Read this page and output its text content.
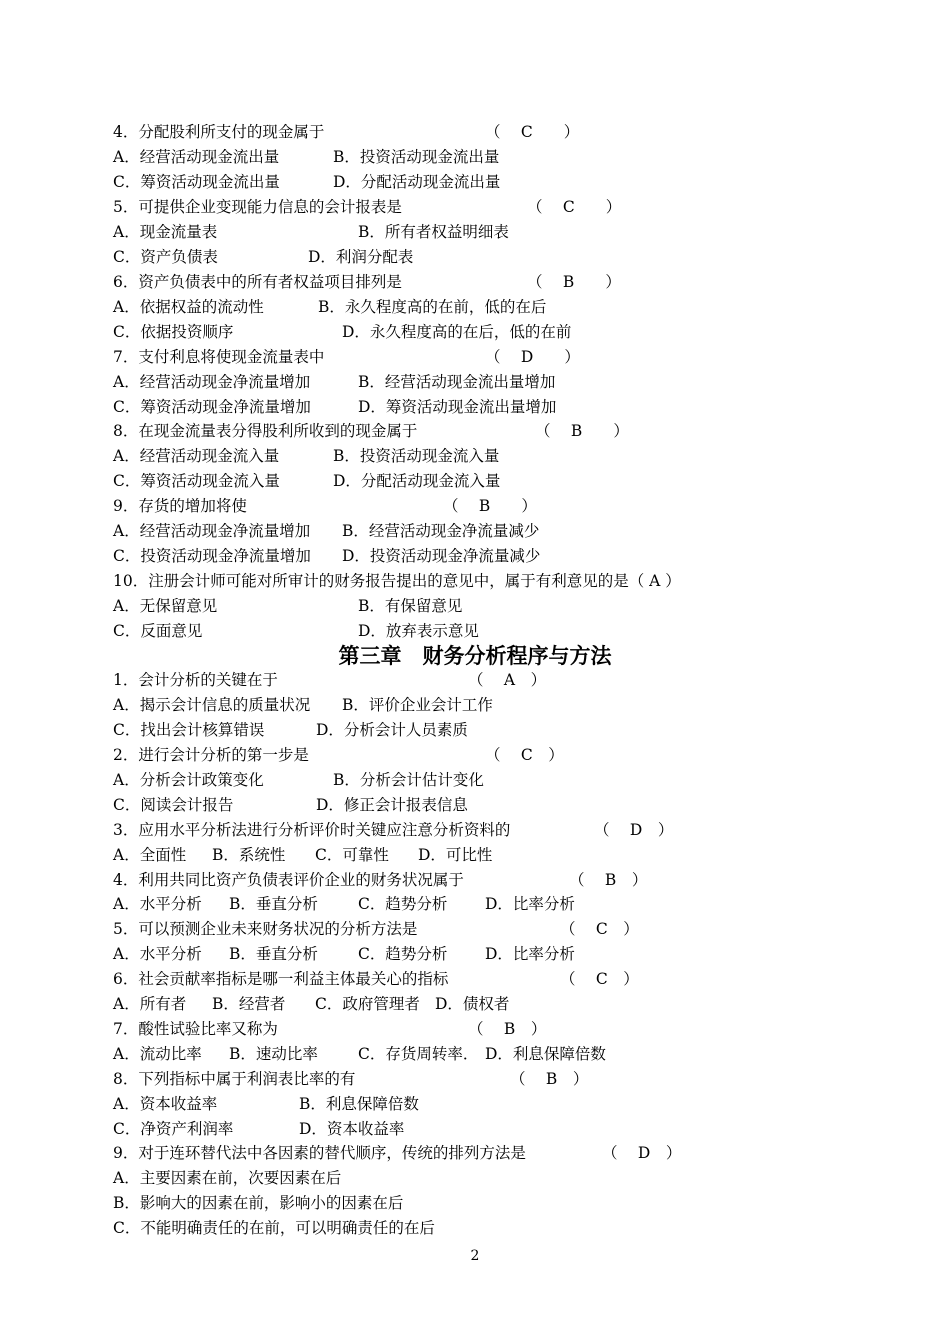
4．分配股利所支付的现金属于	（　 C　　）
A．经营活动现金流出量	B．投资活动现金流出量
C．筹资活动现金流出量	D．分配活动现金流出量
5．可提供企业变现能力信息的会计报表是	（　 C　　）
A．现金流量表	B．所有者权益明细表
C．资产负债表	D．利润分配表
6．资产负债表中的所有者权益项目排列是	（　 B　　）
A．依据权益的流动性	B．永久程度高的在前，低的在后
C．依据投资顺序	D．永久程度高的在后，低的在前
7．支付利息将使现金流量表中	（　 D　　）
A．经营活动现金净流量增加	B．经营活动现金流出量增加
C．筹资活动现金净流量增加	D．筹资活动现金流出量增加
8．在现金流量表分得股利所收到的现金属于	（　 B　　）
A．经营活动现金流入量	B．投资活动现金流入量
C．筹资活动现金流入量	D．分配活动现金流入量
9．存货的增加将使	（　 B　　）
A．经营活动现金净流量增加 B．经营活动现金净流量减少
C．投资活动现金净流量增加 D．投资活动现金净流量减少
10．注册会计师可能对所审计的财务报告提出的意见中，属于有利意见的是（ A ）
A．无保留意见	B．有保留意见
C．反面意见	D．放弃表示意见
第三章　财务分析程序与方法
1．会计分析的关键在于	（　 A　）
A．揭示会计信息的质量状况 B．评价企业会计工作
C．找出会计核算错误	D．分析会计人员素质
2．进行会计分析的第一步是	（　 C　）
A．分析会计政策变化	B．分析会计估计变化
C．阅读会计报告	D．修正会计报表信息
3．应用水平分析法进行分析评价时关键应注意分析资料的	（　 D　）
A．全面性 B．系统性 C．可靠性 D．可比性
4．利用共同比资产负债表评价企业的财务状况属于	（　 B　）
A．水平分析 B．垂直分析	C．趋势分析 D．比率分析
5．可以预测企业未来财务状况的分析方法是	（　 C　）
A．水平分析 B．垂直分析	C．趋势分析 D．比率分析
6．社会贡献率指标是哪一利益主体最关心的指标	（　 C　）
A．所有者 B．经营者 C．政府管理者 D．债权者
7．酸性试验比率又称为	（　 B　）
A．流动比率 B．速动比率	C．存货周转率． D．利息保障倍数
8．下列指标中属于利润表比率的有	（　 B　）
A．资本收益率	B．利息保障倍数
C．净资产利润率	D．资本收益率
9．对于连环替代法中各因素的替代顺序，传统的排列方法是	（　 D　）
A．主要因素在前，次要因素在后
B．影响大的因素在前，影响小的因素在后
C．不能明确责任的在前，可以明确责任的在后
2
